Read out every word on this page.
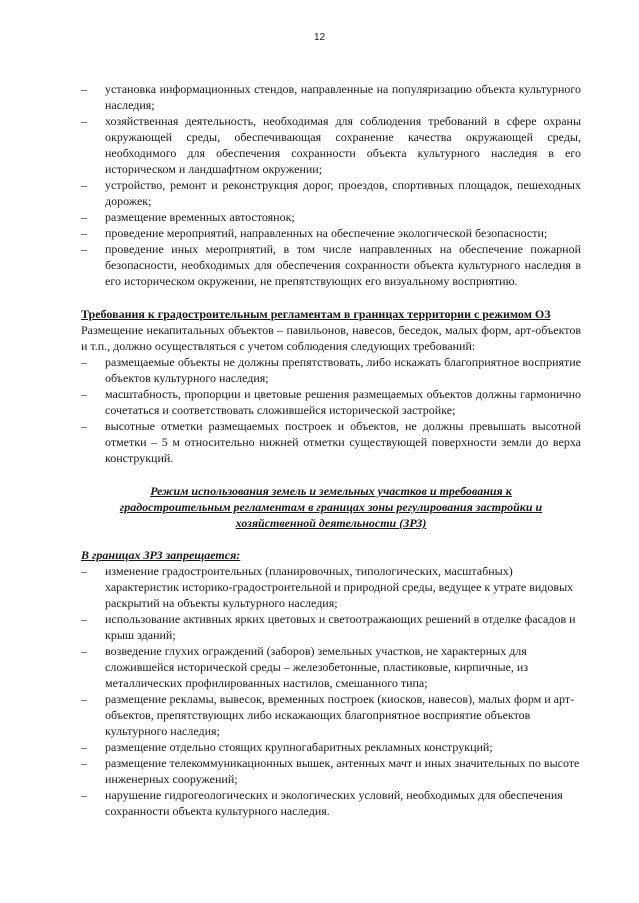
12
–	установка информационных стендов, направленные на популяризацию объекта культурного наследия;
–	хозяйственная деятельность, необходимая для соблюдения требований в сфере охраны окружающей среды, обеспечивающая сохранение качества окружающей среды, необходимого для обеспечения сохранности объекта культурного наследия в его историческом и ландшафтном окружении;
–	устройство, ремонт и реконструкция дорог, проездов, спортивных площадок, пешеходных дорожек;
–	размещение временных автостоянок;
–	проведение мероприятий, направленных на обеспечение экологической безопасности;
–	проведение иных мероприятий, в том числе направленных на обеспечение пожарной безопасности, необходимых для обеспечения сохранности объекта культурного наследия в его историческом окружении, не препятствующих его визуальному восприятию.
Требования к градостроительным регламентам в границах территории с режимом ОЗ
Размещение некапитальных объектов – павильонов, навесов, беседок, малых форм, арт-объектов и т.п., должно осуществляться с учетом соблюдения следующих требований:
–	размещаемые объекты не должны препятствовать, либо искажать благоприятное восприятие объектов культурного наследия;
–	масштабность, пропорции и цветовые решения размещаемых объектов должны гармонично сочетаться и соответствовать сложившейся исторической застройке;
–	высотные отметки размещаемых построек и объектов, не должны превышать высотной отметки – 5 м относительно нижней отметки существующей поверхности земли до верха конструкций.
Режим использования земель и земельных участков и требования к градостроительным регламентам в границах зоны регулирования застройки и хозяйственной деятельности (ЗРЗ)
В границах ЗРЗ запрещается:
–	изменение градостроительных (планировочных, типологических, масштабных) характеристик историко-градостроительной и природной среды, ведущее к утрате видовых раскрытий на объекты культурного наследия;
–	использование активных ярких цветовых и светоотражающих решений в отделке фасадов и крыш зданий;
–	возведение глухих ограждений (заборов) земельных участков, не характерных для сложившейся исторической среды – железобетонные, пластиковые, кирпичные, из металлических профилированных настилов, смешанного типа;
–	размещение рекламы, вывесок, временных построек (киосков, навесов), малых форм и арт-объектов, препятствующих либо искажающих благоприятное восприятие объектов культурного наследия;
–	размещение отдельно стоящих крупногабаритных рекламных конструкций;
–	размещение телекоммуникационных вышек, антенных мачт и иных значительных по высоте инженерных сооружений;
–	нарушение гидрогеологических и экологических условий, необходимых для обеспечения сохранности объекта культурного наследия.
